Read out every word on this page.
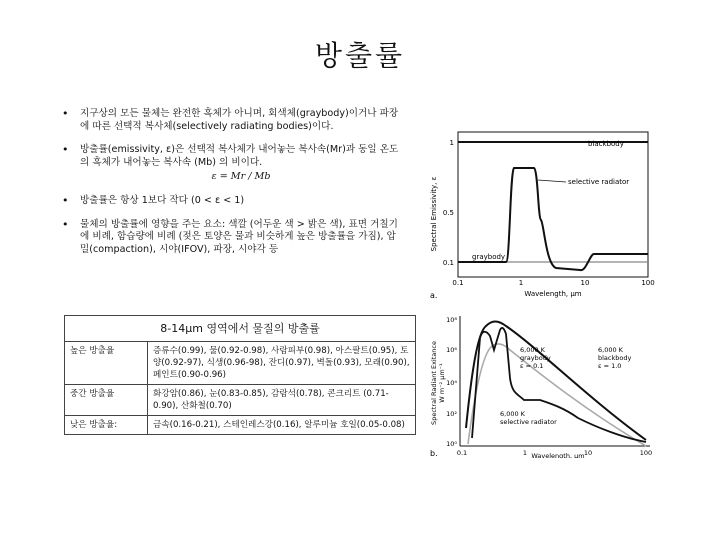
방출률
• 지구상의 모든 물체는 완전한 흑체가 아니며, 회색체(graybody)이거나 파장에 따른 선택적 복사체(selectively radiating bodies)이다.
• 방출률(emissivity, ε)은 선택적 복사체가 내어놓는 복사속(Mr)과 동일 온도의 흑체가 내어놓는 복사속 (Mb) 의 비이다.
ε = Mr / Mb
• 방출률은 항상 1보다 작다 (0 < ε < 1)
• 물체의 방출률에 영향을 주는 요소: 색깔 (어두운 색 > 밝은 색), 표면 거칠기에 비례, 함습량에 비례 (젖은 토양은 물과 비슷하게 높은 방출률을 가짐), 압밀(compaction), 시야(IFOV), 파장, 시야각 등
8-14μm 영역에서 물질의 방출률	
높은 방출율	증류수(0.99), 물(0.92-0.98), 사람피부(0.98), 아스팔트(0.95), 토양(0.92-97), 식생(0.96-98), 잔디(0.97), 벽돌(0.93), 모래(0.90), 페인트(0.90-0.96)
중간 방출율	화강암(0.86), 눈(0.83-0.85), 감람석(0.78), 콘크리트 (0.71-0.90), 산화철(0.70)
낮은 방출율:	금속(0.16-0.21), 스테인레스강(0.16), 알루미늄 호일(0.05-0.08)
Spectral Emissivity, ε
1
0.5
0.1
0.1	1	10	100
Wavelength, μm
a.
blackbody
selective radiator
graybody
Spectral Radiant Exitance W m⁻² μm⁻¹
10⁸
10⁶
10⁴
10²
10⁰
0.1	1	10	100
Wavelength, μm
b.
6,000 K
graybody
ε = 0.1
6,000 K
blackbody
ε = 1.0
6,000 K
selective radiator
